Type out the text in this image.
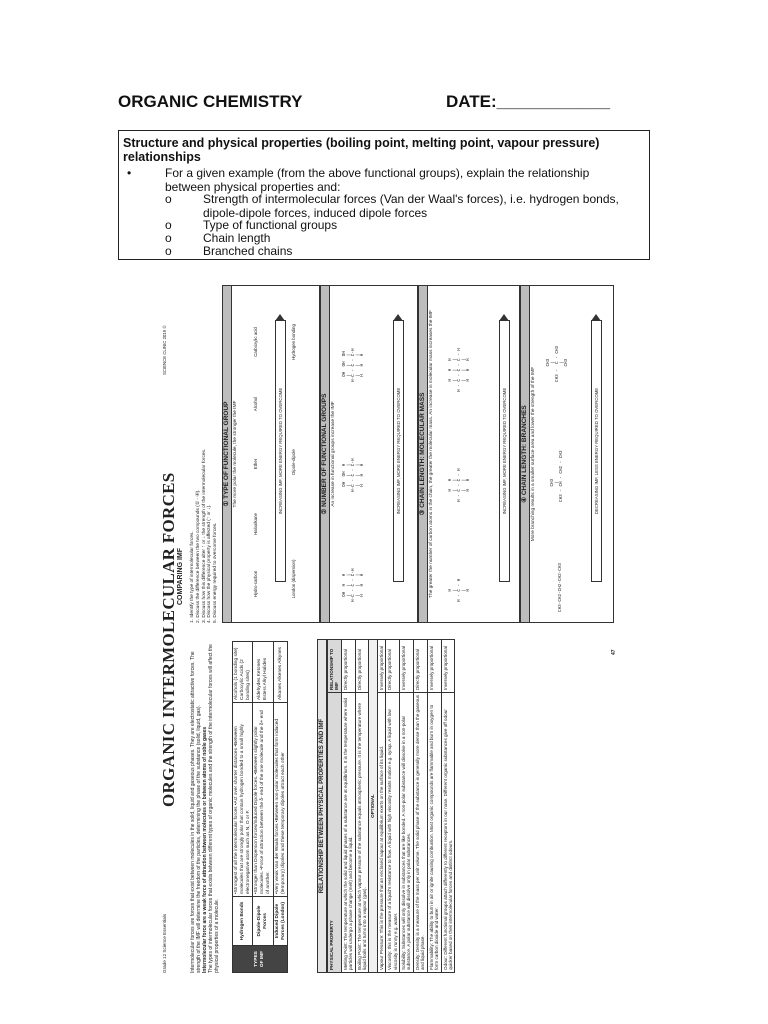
ORGANIC CHEMISTRY	DATE:____________
Structure and physical properties (boiling point, melting point, vapour pressure) relationships
•	For a given example (from the above functional groups), explain the relationship between physical properties and:
o	Strength of intermolecular forces (Van der Waal's forces), i.e. hydrogen bonds, dipole-dipole forces, induced dipole forces
o	Type of functional groups
o	Chain length
o	Branched chains
Grade 12 Science Essentials
ORGANIC INTERMOLECULAR FORCES
SCIENCE CLINIC 2019 ©
Intermolecular forces are forces that exist between molecules in the solid, liquid and gaseous phases. They are electrostatic attractive forces. The strength of the IMF will determine the freedom of the particles, determining the phase of the substance (solid, liquid, gas).
Intermolecular force are a weak force of attraction between molecules or between atoms of noble gases
The types of intermolecular forces that exists between different types of organic molecules and the strength of the intermolecular forces will affect the physical properties of a molecule.	TYPES OF IMF	Hydrogen Bonds	•Strongest of all the intermolecular forces •Act over shorter distances •Between molecules that are strongly polar that contain hydrogen bonded to a small highly electronegative atom such as N, O or F.	Alcohols (1 bonding site) Carboxylic Acids (2 bonding sites)
	Dipole-Dipole Forces	•Stronger than Dispersion forces/Induced Dipole forces. •Between slightly polar molecules. •Force of attraction between the δ- end of the one molecule and the δ+ end of another.	Aldehydes Ketones Esters Alkyl Halides
	Induced Dipole Forces (London)	•Very weak Van der Waals forces •Between non-polar molecules that form induced (temporary) dipoles and these temporary dipoles attract each other	Alkanes Alkenes Alkynes
RELATIONSHIP BETWEEN PHYSICAL PROPERTIES AND IMF
PHYSICAL PROPERTY	RELATIONSHIP TO IMF
Melting Point: The temperature at which the solid and liquid phases of a substance are at equilibrium. It is the temperature where solid particles will undergo a phase change (melt) and become a liquid.	Directly proportional
Boiling Point: The temperature at which vapour pressure of the substance equals atmospheric pressure. It is the temperature where liquid boils and turns into a vapour (gas).	Directly proportional
OPTIONAL	
Vapour Pressure: This is the pressure that an enclosed vapour at equilibrium exerts on the surface of its liquid.	Inversely proportional
Viscosity: this is the measure of a liquid's resistance to flow. A liquid with high viscosity resists motion e.g. syrup. A liquid with low viscosity is runny e.g. water.	Directly proportional
Solubility: Substances will only dissolve in substances that are like bonded. A non-polar substance will dissolve in a non-polar substance. A polar substance will dissolve only in polar substances.	Inversely proportional
Density: Density is a measure of the mass per unit volume. The solid phase of the substance is generally more dense than the gaseous and liquid phase.	Directly proportional
Flammability: The ability to burn in air or ignite causing combustion. Most organic compounds are flammable and burn in oxygen to form carbon dioxide and water.	Inversely proportional
Odour: Different functional groups attach differently to different receptors in our nose. Different organic substances give off odour quicker based on their intermolecular forces and distinct odours.	Inversely proportional	47
COMPARING IMF 1. Identify the type of intermolecular forces. 2. Discuss the difference between the two compounds (① - ④). 3. Discuss how this difference alter ↑ or ↓ the strength of the intermolecular forces. 4. Discuss how the physical property is affected (↑ or ↓). 5. Discuss energy required to overcome forces.
① TYPE OF FUNCTIONAL GROUP The more polar the molecule, the stronger the IMF
Hydro-carbon
Haloalkane
Ether
Alcohol
Carboxylic acid
INCREASING IMF, MORE ENERGY REQUIRED TO OVERCOME
London (dispersion)
Dipole-dipole
Hydrogen bonding
② NUMBER OF FUNCTIONAL GROUPS An increase in functional groups increase the IMF
OH  H   H
|   |   |
H-C - C - C-H
|   |   |
H   H   H
OH  OH  H
|   |   |
H-C - C - C-H
|   |   |
H   H   H
OH  OH  OH
|   |   |
H-C - C - C-H
|   |   |
H   H   H
INCREASING IMF, MORE ENERGY REQUIRED TO OVERCOME	③ CHAIN LENGTH: MOLECULAR MASS The greater the number of carbon atoms in the chain, the greater the molecular mass. An increase in molecular mass increases the IMF	H
|
H - C - H
|
H
H   H
|   |
H - C - C - H
|   |
H   H
H   H   H
|   |   |
H - C - C - C - H
|   |   |
H   H   H
INCREASING IMF, MORE ENERGY REQUIRED TO OVERCOME	④ CHAIN LENGTH: BRANCHES More branching results in a smaller surface area and lower the strength of the IMF
CH3-CH2-CH2-CH2-CH3
CH3
|
CH3 - CH - CH2 - CH3
CH3
|
CH3 -  C - CH3
|
CH3
DECREASING IMF, LESS ENERGY REQUIRED TO OVERCOME
